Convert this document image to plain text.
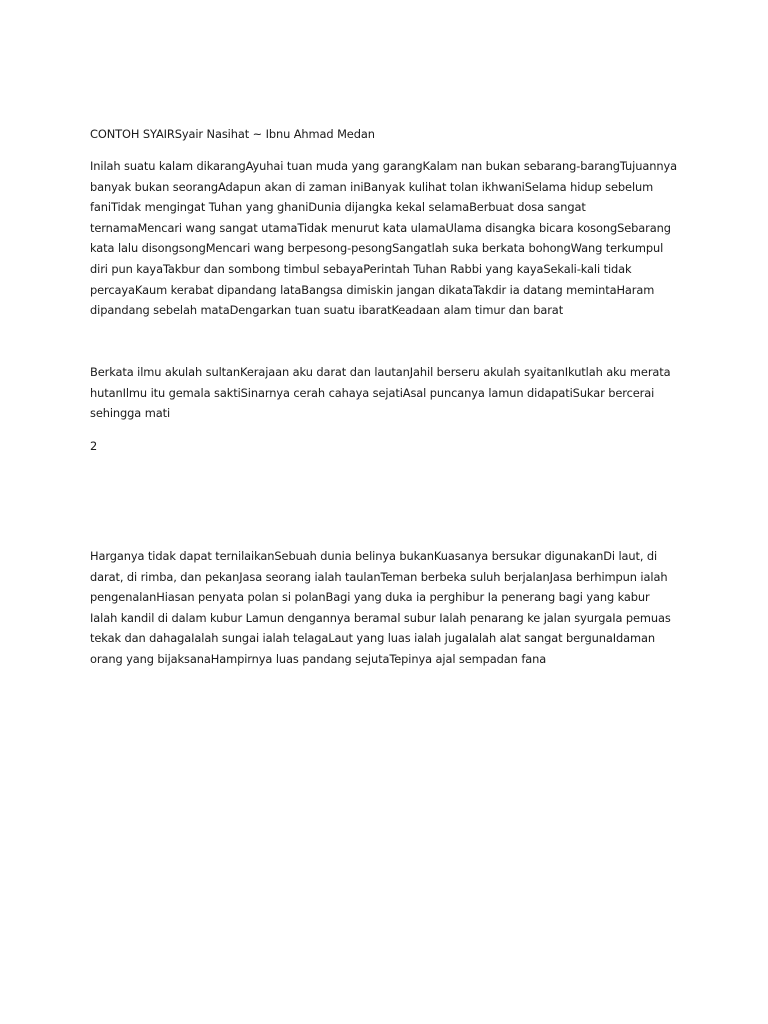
CONTOH SYAIRSyair Nasihat ~ Ibnu Ahmad Medan

Inilah suatu kalam dikarangAyuhai tuan muda yang garangKalam nan bukan sebarang-barangTujuannya banyak bukan seorangAdapun akan di zaman iniBanyak kulihat tolan ikhwaniSelama hidup sebelum faniTidak mengingat Tuhan yang ghaniDunia dijangka kekal selamaBerbuat dosa sangat ternamaMencari wang sangat utamaTidak menurut kata ulamaUlama disangka bicara kosongSebarang kata lalu disongsongMencari wang berpesong-pesongSangatlah suka berkata bohongWang terkumpul diri pun kayaTakbur dan sombong timbul sebayaPerintah Tuhan Rabbi yang kayaSekali-kali tidak percayaKaum kerabat dipandang lataBangsa dimiskin jangan dikataTakdir ia datang memintaHaram dipandang sebelah mataDengarkan tuan suatu ibaratKeadaan alam timur dan barat

Berkata ilmu akulah sultanKerajaan aku darat dan lautanJahil berseru akulah syaitanIkutlah aku merata hutanIlmu itu gemala saktiSinarnya cerah cahaya sejatiAsal puncanya lamun didapatiSukar bercerai sehingga mati

2

Harganya tidak dapat ternilaikanSebuah dunia belinya bukanKuasanya bersukar digunakanDi laut, di darat, di rimba, dan pekanJasa seorang ialah taulanTeman berbeka suluh berjalanJasa berhimpun ialah pengenalanHiasan penyata polan si polanBagi yang duka ia perghibur Ia penerang bagi yang kabur Ialah kandil di dalam kubur Lamun dengannya beramal subur Ialah penarang ke jalan syurgaIa pemuas tekak dan dahagaIalah sungai ialah telagaLaut yang luas ialah jugaIalah alat sangat bergunaIdaman orang yang bijaksanaHampirnya luas pandang sejutaTepinya ajal sempadan fana
